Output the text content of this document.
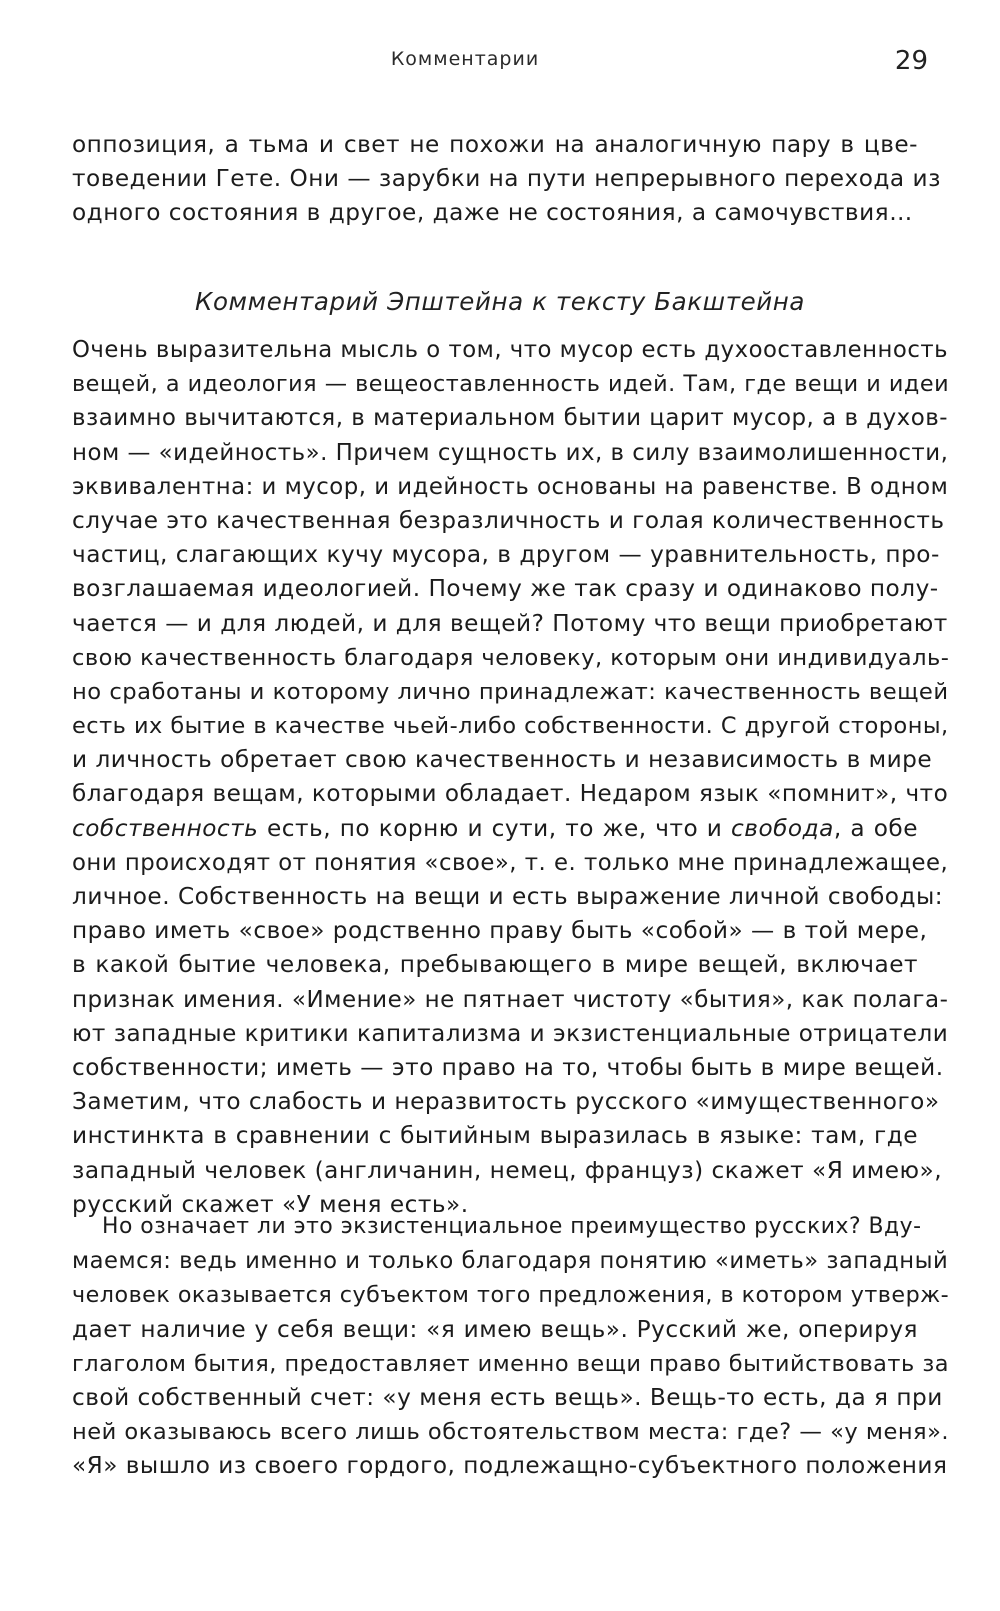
Комментарии	29
оппозиция, а тьма и свет не похожи на аналогичную пару в цве-
товедении Гете. Они — зарубки на пути непрерывного перехода из
одного состояния в другое, даже не состояния, а самочувствия…
Комментарий Эпштейна к тексту Бакштейна
Очень выразительна мысль о том, что мусор есть духооставленность
вещей, а идеология — вещеоставленность идей. Там, где вещи и идеи
взаимно вычитаются, в материальном бытии царит мусор, а в духов-
ном — «идейность». Причем сущность их, в силу взаимолишенности,
эквивалентна: и мусор, и идейность основаны на равенстве. В одном
случае это качественная безразличность и голая количественность
частиц, слагающих кучу мусора, в другом — уравнительность, про-
возглашаемая идеологией. Почему же так сразу и одинаково полу-
чается — и для людей, и для вещей? Потому что вещи приобретают
свою качественность благодаря человеку, которым они индивидуаль-
но сработаны и которому лично принадлежат: качественность вещей
есть их бытие в качестве чьей-либо собственности. С другой стороны,
и личность обретает свою качественность и независимость в мире
благодаря вещам, которыми обладает. Недаром язык «помнит», что
собственность есть, по корню и сути, то же, что и свобода, а обе
они происходят от понятия «свое», т. е. только мне принадлежащее,
личное. Собственность на вещи и есть выражение личной свободы:
право иметь «свое» родственно праву быть «собой» — в той мере,
в какой бытие человека, пребывающего в мире вещей, включает
признак имения. «Имение» не пятнает чистоту «бытия», как полага-
ют западные критики капитализма и экзистенциальные отрицатели
собственности; иметь — это право на то, чтобы быть в мире вещей.
Заметим, что слабость и неразвитость русского «имущественного»
инстинкта в сравнении с бытийным выразилась в языке: там, где
западный человек (англичанин, немец, француз) скажет «Я имею»,
русский скажет «У меня есть».
Но означает ли это экзистенциальное преимущество русских? Вду-
маемся: ведь именно и только благодаря понятию «иметь» западный
человек оказывается субъектом того предложения, в котором утверж-
дает наличие у себя вещи: «я имею вещь». Русский же, оперируя
глаголом бытия, предоставляет именно вещи право бытийствовать за
свой собственный счет: «у меня есть вещь». Вещь-то есть, да я при
ней оказываюсь всего лишь обстоятельством места: где? — «у меня».
«Я» вышло из своего гордого, подлежащно-субъектного положения
